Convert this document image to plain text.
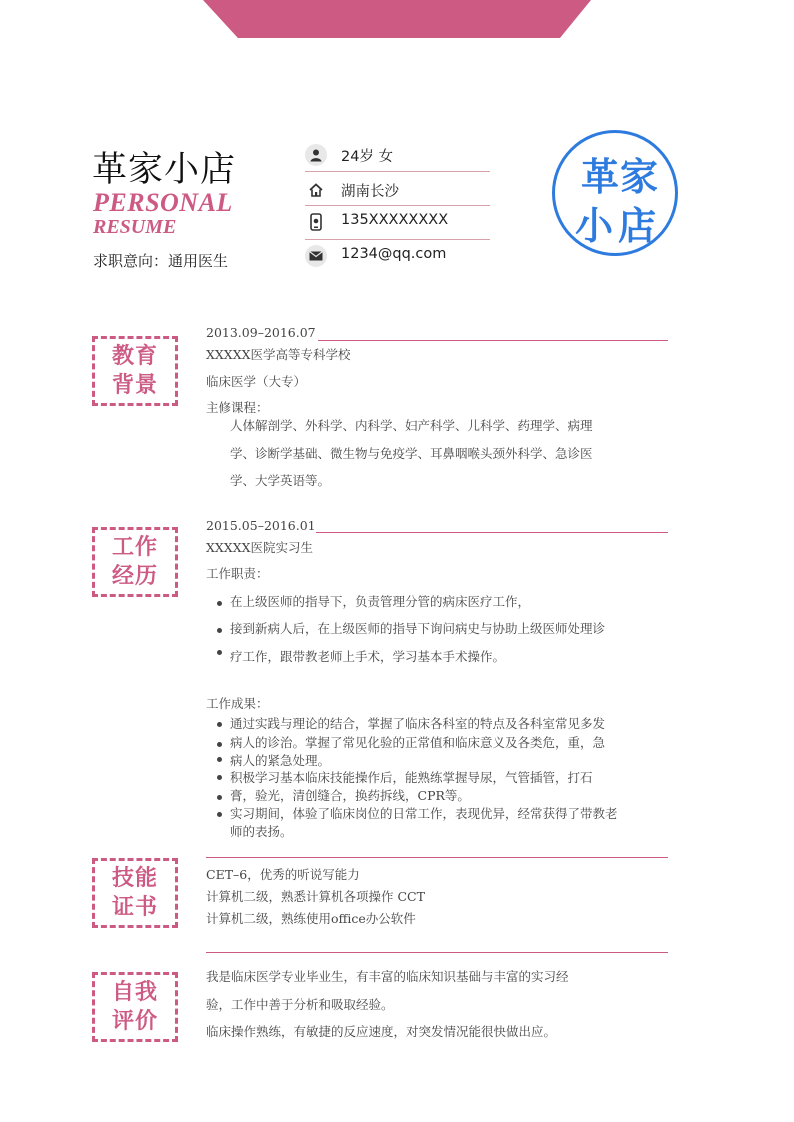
革家小店
PERSONAL
RESUME
求职意向：通用医生
24岁 女
湖南长沙
135XXXXXXXX
1234@qq.com
革 家
小 店
教育
背景
2013.09–2016.07
XXXXX医学高等专科学校
临床医学（大专）
主修课程：
人体解剖学、外科学、内科学、妇产科学、儿科学、药理学、病理
学、诊断学基础、微生物与免疫学、耳鼻咽喉头颈外科学、急诊医
学、大学英语等。
工作
经历
2015.05–2016.01
XXXXX医院实习生
工作职责：
在上级医师的指导下，负责管理分管的病床医疗工作，
接到新病人后，在上级医师的指导下询问病史与协助上级医师处理诊
疗工作，跟带教老师上手术，学习基本手术操作。
工作成果：
通过实践与理论的结合，掌握了临床各科室的特点及各科室常见多发
病人的诊治。掌握了常见化验的正常值和临床意义及各类危，重，急
病人的紧急处理。
积极学习基本临床技能操作后，能熟练掌握导尿，气管插管，打石
膏，验光，清创缝合，换药拆线，CPR等。
实习期间，体验了临床岗位的日常工作，表现优异，经常获得了带教老
师的表扬。
技能
证书
CET–6，优秀的听说写能力
计算机二级，熟悉计算机各项操作 CCT
计算机二级，熟练使用office办公软件
自我
评价
我是临床医学专业毕业生，有丰富的临床知识基础与丰富的实习经
验，工作中善于分析和吸取经验。
临床操作熟练，有敏捷的反应速度，对突发情况能很快做出应。
